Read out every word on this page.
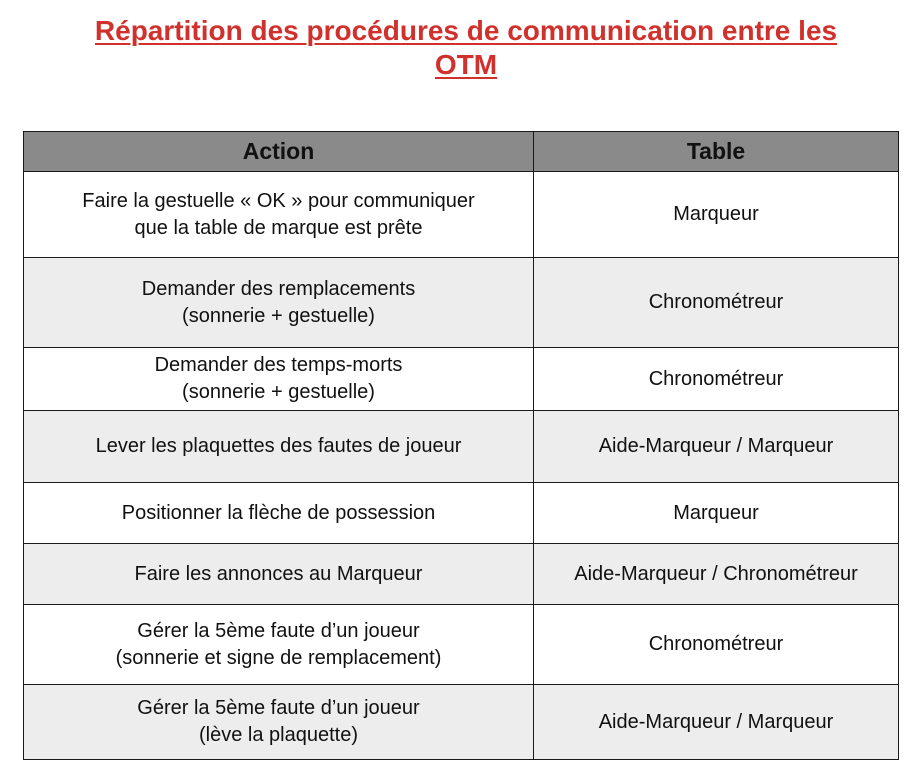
Répartition des procédures de communication entre les
OTM
Action	Table

Faire la gestuelle « OK » pour communiquer
que la table de marque est prête	Marqueur

Demander des remplacements
(sonnerie + gestuelle)	Chronométreur

Demander des temps-morts
(sonnerie + gestuelle)	Chronométreur

Lever les plaquettes des fautes de joueur	Aide-Marqueur / Marqueur

Positionner la flèche de possession	Marqueur

Faire les annonces au Marqueur	Aide-Marqueur / Chronométreur

Gérer la 5ème faute d’un joueur
(sonnerie et signe de remplacement)	Chronométreur

Gérer la 5ème faute d’un joueur
(lève la plaquette)	Aide-Marqueur / Marqueur
